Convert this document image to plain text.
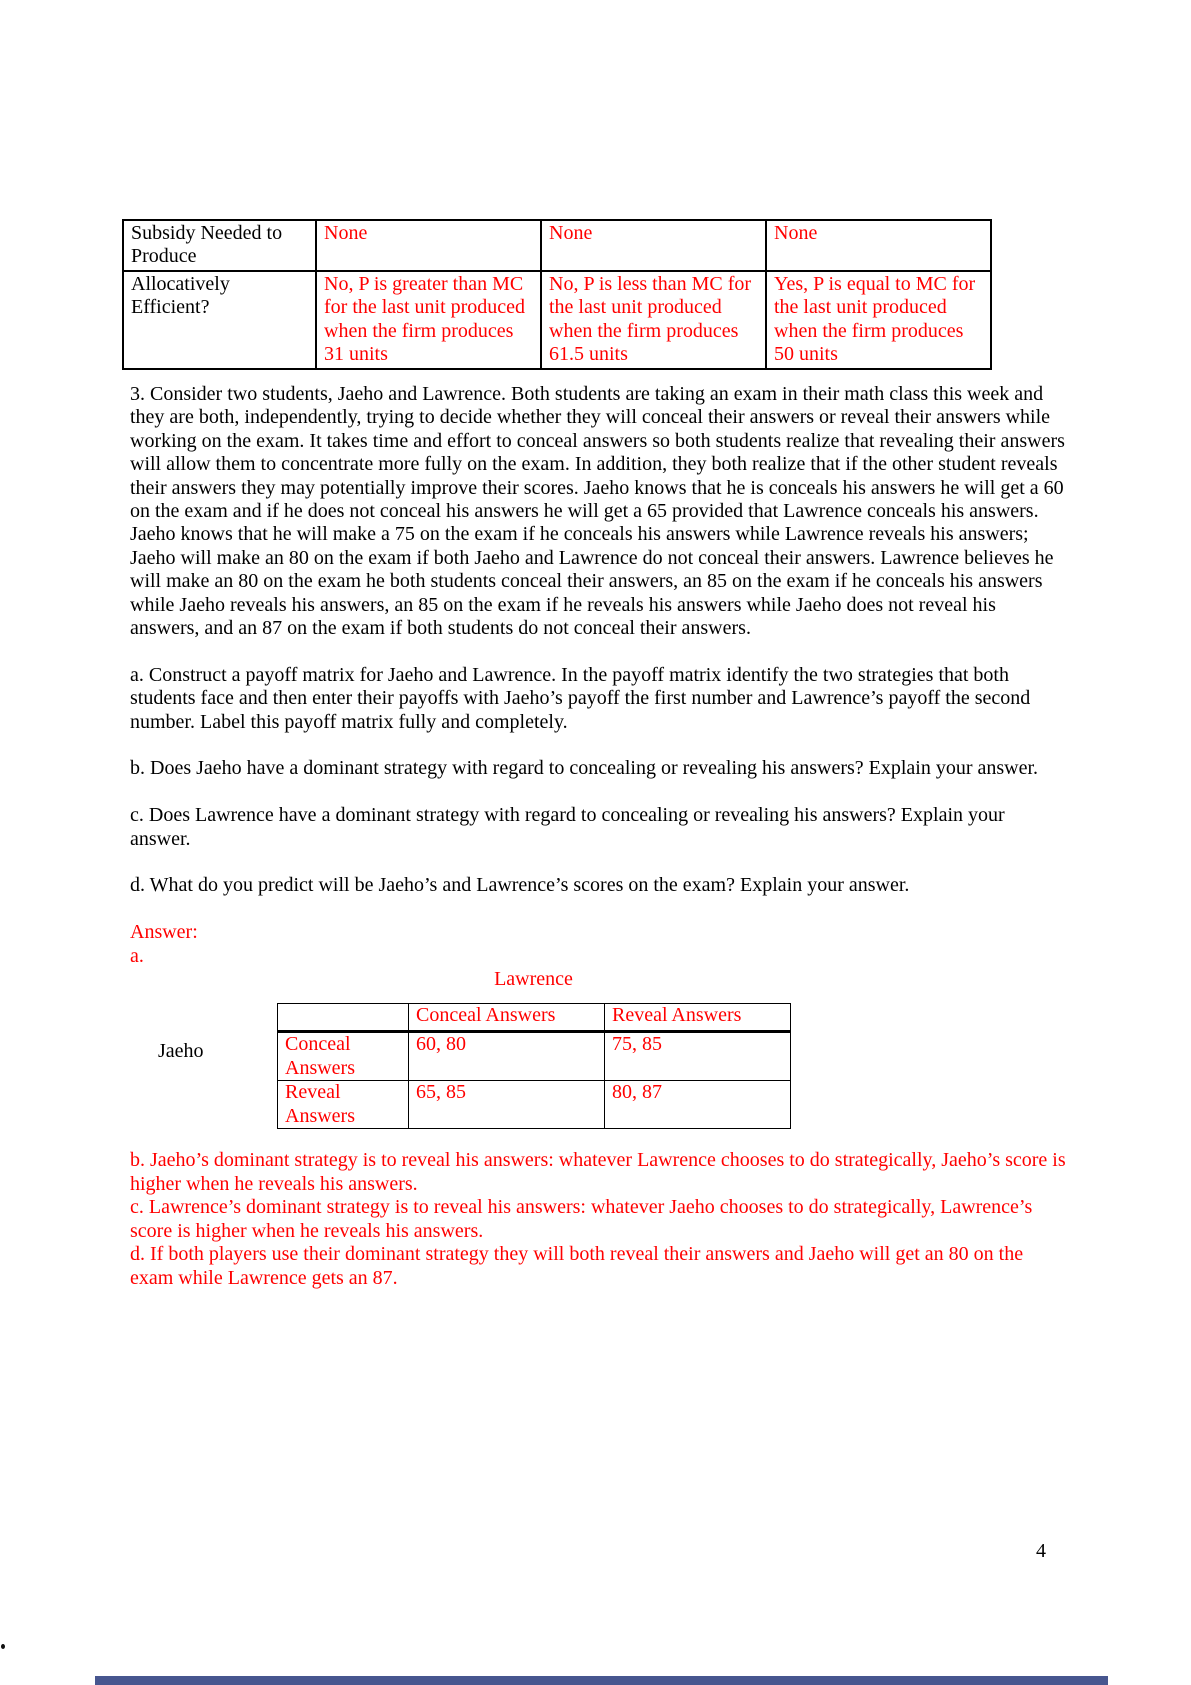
Subsidy Needed to Produce	None	None	None
Allocatively Efficient?	No, P is greater than MC for the last unit produced when the firm produces 31 units	No, P is less than MC for the last unit produced when the firm produces 61.5 units	Yes, P is equal to MC for the last unit produced when the firm produces 50 units

3. Consider two students, Jaeho and Lawrence. Both students are taking an exam in their math class this week and they are both, independently, trying to decide whether they will conceal their answers or reveal their answers while working on the exam. It takes time and effort to conceal answers so both students realize that revealing their answers will allow them to concentrate more fully on the exam. In addition, they both realize that if the other student reveals their answers they may potentially improve their scores. Jaeho knows that he is conceals his answers he will get a 60 on the exam and if he does not conceal his answers he will get a 65 provided that Lawrence conceals his answers. Jaeho knows that he will make a 75 on the exam if he conceals his answers while Lawrence reveals his answers; Jaeho will make an 80 on the exam if both Jaeho and Lawrence do not conceal their answers. Lawrence believes he will make an 80 on the exam he both students conceal their answers, an 85 on the exam if he conceals his answers while Jaeho reveals his answers, an 85 on the exam if he reveals his answers while Jaeho does not reveal his answers, and an 87 on the exam if both students do not conceal their answers.

a. Construct a payoff matrix for Jaeho and Lawrence. In the payoff matrix identify the two strategies that both students face and then enter their payoffs with Jaeho’s payoff the first number and Lawrence’s payoff the second number. Label this payoff matrix fully and completely.

b. Does Jaeho have a dominant strategy with regard to concealing or revealing his answers? Explain your answer.

c. Does Lawrence have a dominant strategy with regard to concealing or revealing his answers? Explain your answer.

d. What do you predict will be Jaeho’s and Lawrence’s scores on the exam? Explain your answer.

Answer:
a.
Lawrence
Jaeho
	Conceal Answers	Reveal Answers
Conceal Answers	60, 80	75, 85
Reveal Answers	65, 85	80, 87

b. Jaeho’s dominant strategy is to reveal his answers: whatever Lawrence chooses to do strategically, Jaeho’s score is higher when he reveals his answers.

c. Lawrence’s dominant strategy is to reveal his answers: whatever Jaeho chooses to do strategically, Lawrence’s score is higher when he reveals his answers.

d. If both players use their dominant strategy they will both reveal their answers and Jaeho will get an 80 on the exam while Lawrence gets an 87.

4
